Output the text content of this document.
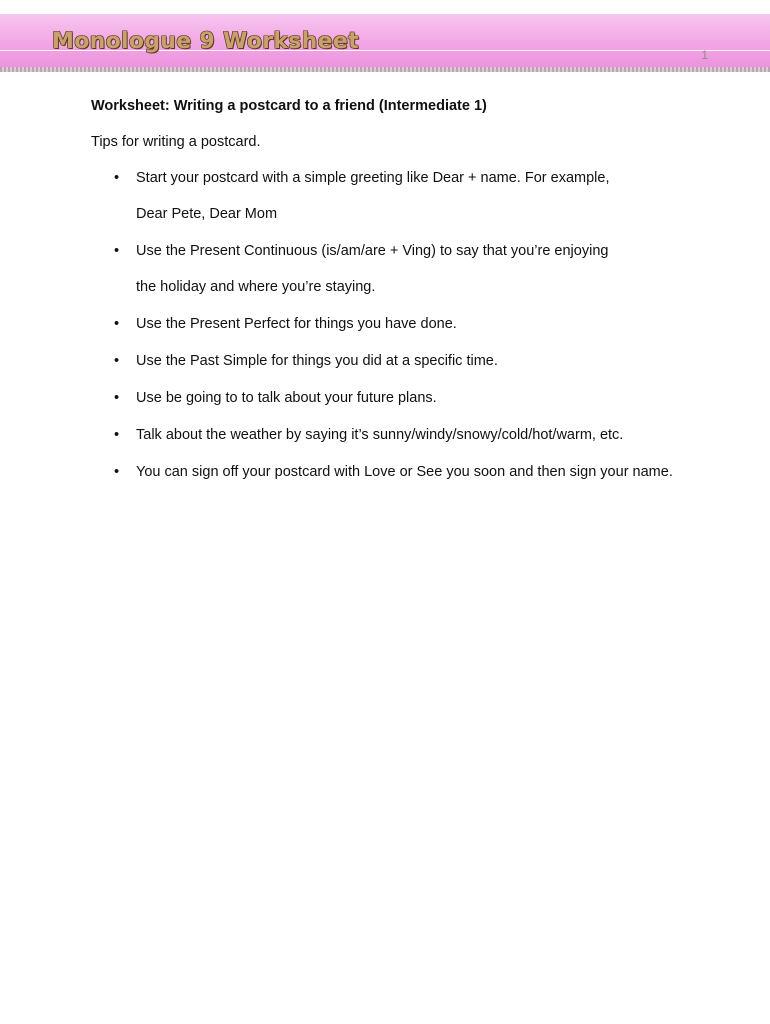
Monologue 9 Worksheet
1

Worksheet: Writing a postcard to a friend (Intermediate 1)

Tips for writing a postcard.

• Start your postcard with a simple greeting like Dear + name. For example,
Dear Pete, Dear Mom
• Use the Present Continuous (is/am/are + Ving) to say that you’re enjoying
the holiday and where you’re staying.
• Use the Present Perfect for things you have done.
• Use the Past Simple for things you did at a specific time.
• Use be going to to talk about your future plans.
• Talk about the weather by saying it’s sunny/windy/snowy/cold/hot/warm, etc.
• You can sign off your postcard with Love or See you soon and then sign your name.
